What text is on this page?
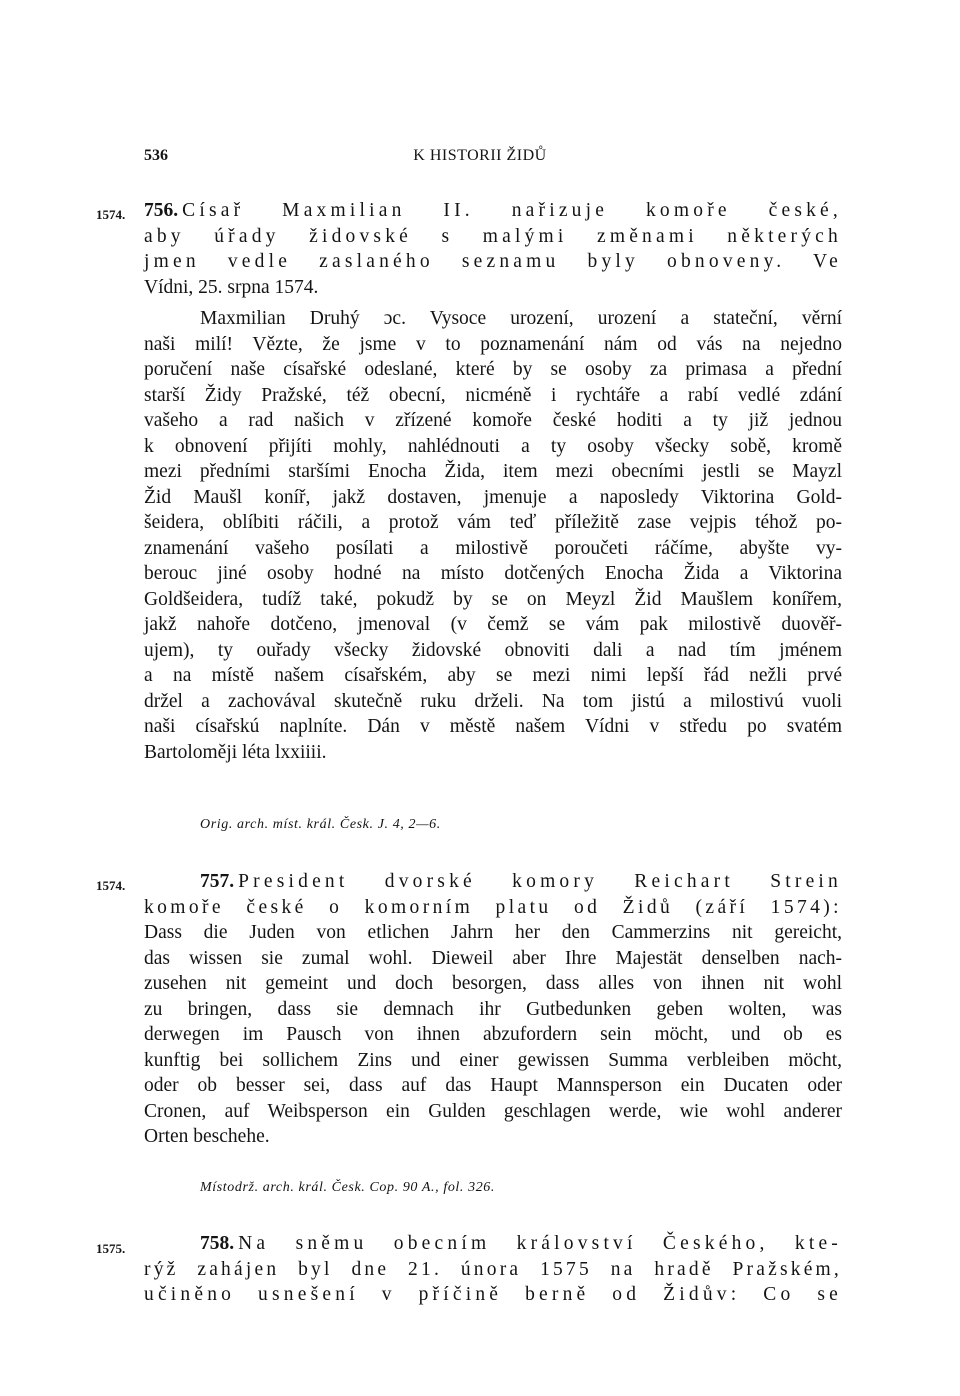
536	K HISTORII ŽIDŮ
1574. 756. Císař Maxmilian II. nařizuje komoře české,
aby úřady židovské s malými změnami některých
jmen vedle zaslaného seznamu byly obnoveny. Ve
Vídni, 25. srpna 1574.
Maxmilian Druhý ɔc. Vysoce urození, urození a stateční, věrní
naši milí! Vězte, že jsme v to poznamenání nám od vás na nejedno
poručení naše císařské odeslané, které by se osoby za primasa a přední
starší Židy Pražské, též obecní, nicméně i rychtáře a rabí vedlé zdání
vašeho a rad našich v zřízené komoře české hoditi a ty již jednou
k obnovení přijíti mohly, nahlédnouti a ty osoby všecky sobě, kromě
mezi předními staršími Enocha Žida, item mezi obecními jestli se Mayzl
Žid Maušl koníř, jakž dostaven, jmenuje a naposledy Viktorina Gold-
šeidera, oblíbiti ráčili, a protož vám teď příležitě zase vejpis téhož po-
znamenání vašeho posílati a milostivě poroučeti ráčíme, abyšte vy-
berouc jiné osoby hodné na místo dotčených Enocha Žida a Viktorina
Goldšeidera, tudíž také, pokudž by se on Meyzl Žid Maušlem konířem,
jakž nahoře dotčeno, jmenoval (v čemž se vám pak milostivě duověř-
ujem), ty ouřady všecky židovské obnoviti dali a nad tím jménem
a na místě našem císařském, aby se mezi nimi lepší řád nežli prvé
držel a zachovával skutečně ruku drželi. Na tom jistú a milostivú vuoli
naši císařskú naplníte. Dán v městě našem Vídni v středu po svatém
Bartoloměji léta lxxiiii.
Orig. arch. míst. král. Česk. J. 4, 2—6.
1574.	757. President dvorské komory Reichart Strein
komoře české o komorním platu od Židů (září 1574):
Dass die Juden von etlichen Jahrn her den Cammerzins nit gereicht,
das wissen sie zumal wohl. Dieweil aber Ihre Majestät denselben nach-
zusehen nit gemeint und doch besorgen, dass alles von ihnen nit wohl
zu bringen, dass sie demnach ihr Gutbedunken geben wolten, was
derwegen im Pausch von ihnen abzufordern sein möcht, und ob es
kunftig bei sollichem Zins und einer gewissen Summa verbleiben möcht,
oder ob besser sei, dass auf das Haupt Mannsperson ein Ducaten oder
Cronen, auf Weibsperson ein Gulden geschlagen werde, wie wohl anderer
Orten beschehe.
Místodrž. arch. král. Česk. Cop. 90 A., fol. 326.
1575.	758. Na sněmu obecním království Českého, kte-
rýž zahájen byl dne 21. února 1575 na hradě Pražském,
učiněno usnešení v příčině berně od Židův: Co se
